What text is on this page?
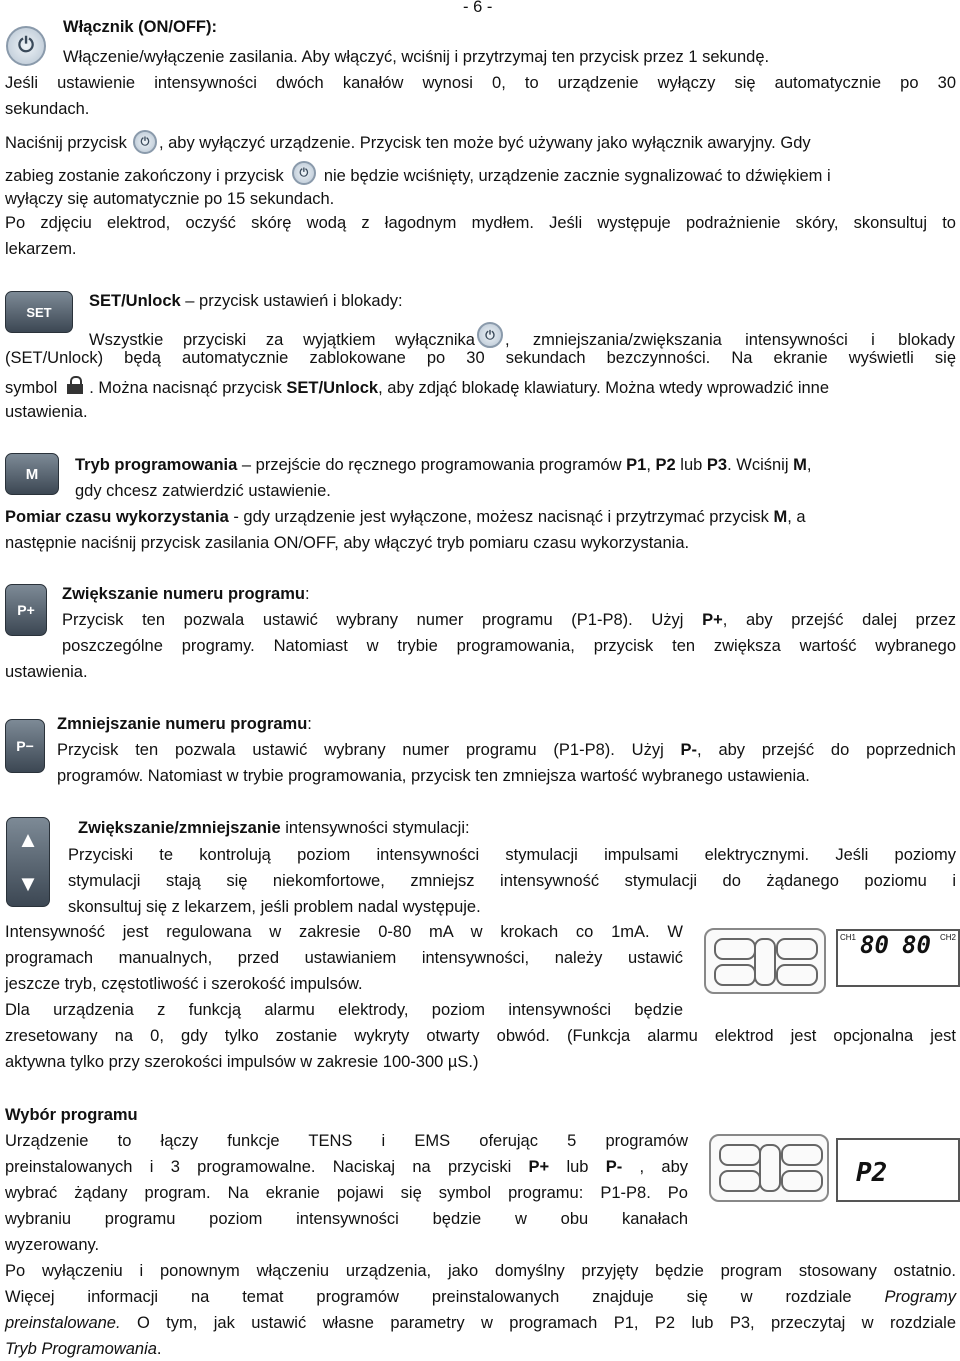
- 6 -
⏻
Włącznik (ON/OFF):
Włączenie/wyłączenie zasilania. Aby włączyć, wciśnij i przytrzymaj ten przycisk przez 1 sekundę.
Jeśli ustawienie intensywności dwóch kanałów wynosi 0, to urządzenie wyłączy się automatycznie po 30
sekundach.
Naciśnij przycisk ⏻ , aby wyłączyć urządzenie. Przycisk ten może być używany jako wyłącznik awaryjny. Gdy
zabieg zostanie zakończony i przycisk ⏻ nie będzie wciśnięty, urządzenie zacznie sygnalizować to dźwiękiem i
wyłączy się automatycznie po 15 sekundach.
Po zdjęciu elektrod, oczyść skórę wodą z łagodnym mydłem. Jeśli występuje podrażnienie skóry, skonsultuj to
lekarzem.
SET
SET/Unlock – przycisk ustawień i blokady:
Wszystkie przyciski za wyjątkiem wyłącznika ⏻ , zmniejszania/zwiększania intensywności i blokady
(SET/Unlock) będą automatycznie zablokowane po 30 sekundach bezczynności. Na ekranie wyświetli się
symbol . Można nacisnąć przycisk SET/Unlock, aby zdjąć blokadę klawiatury. Można wtedy wprowadzić inne
ustawienia.
M Tryb programowania – przejście do ręcznego programowania programów P1, P2 lub P3. Wciśnij M,
gdy chcesz zatwierdzić ustawienie.
Pomiar czasu wykorzystania - gdy urządzenie jest wyłączone, możesz nacisnąć i przytrzymać przycisk M, a
następnie naciśnij przycisk zasilania ON/OFF, aby włączyć tryb pomiaru czasu wykorzystania.
P+
Zwiększanie numeru programu:
Przycisk ten pozwala ustawić wybrany numer programu (P1-P8). Użyj P+, aby przejść dalej przez
poszczególne programy. Natomiast w trybie programowania, przycisk ten zwiększa wartość wybranego
ustawienia.
P−
Zmniejszanie numeru programu:
Przycisk ten pozwala ustawić wybrany numer programu (P1-P8). Użyj P-, aby przejść do poprzednich
programów. Natomiast w trybie programowania, przycisk ten zmniejsza wartość wybranego ustawienia.
▲
▼
Zwiększanie/zmniejszanie intensywności stymulacji:
Przyciski te kontrolują poziom intensywności stymulacji impulsami elektrycznymi. Jeśli poziomy
stymulacji stają się niekomfortowe, zmniejsz intensywność stymulacji do żądanego poziomu i
skonsultuj się z lekarzem, jeśli problem nadal występuje.
Intensywność jest regulowana w zakresie 0-80 mA w krokach co 1mA. W
programach manualnych, przed ustawianiem intensywności, należy ustawić
jeszcze tryb, częstotliwość i szerokość impulsów.
Dla urządzenia z funkcją alarmu elektrody, poziom intensywności będzie
zresetowany na 0, gdy tylko zostanie wykryty otwarty obwód. (Funkcja alarmu elektrod jest opcjonalna jest
aktywna tylko przy szerokości impulsów w zakresie 100-300 µS.)
CH1 80 80 CH2
Wybór programu
Urządzenie to łączy funkcje TENS i EMS oferując 5 programów
preinstalowanych i 3 programowalne. Naciskaj na przyciski P+ lub P- , aby
wybrać żądany program. Na ekranie pojawi się symbol programu: P1-P8. Po
wybraniu programu poziom intensywności będzie w obu kanałach
wyzerowany.
Po wyłączeniu i ponownym włączeniu urządzenia, jako domyślny przyjęty będzie program stosowany ostatnio.
Więcej informacji na temat programów preinstalowanych znajduje się w rozdziale Programy
preinstalowane. O tym, jak ustawić własne parametry w programach P1, P2 lub P3, przeczytaj w rozdziale
Tryb Programowania.
P2
